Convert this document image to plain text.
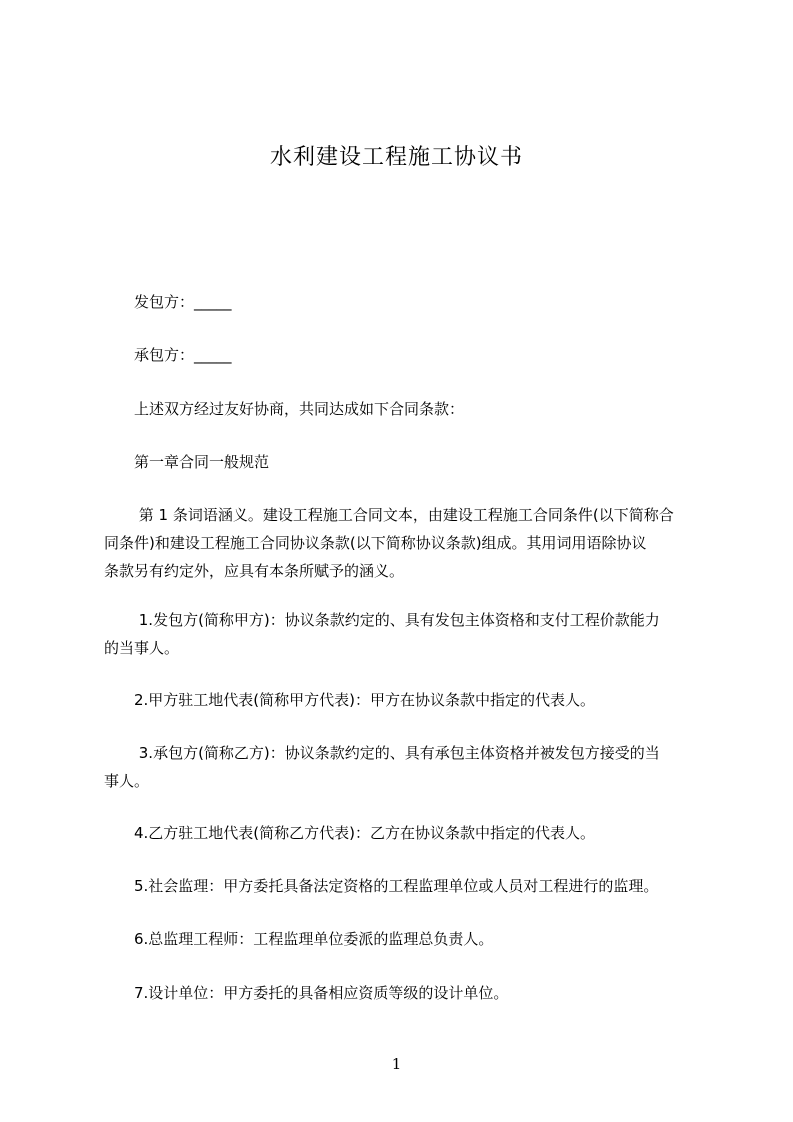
水利建设工程施工协议书
　　发包方：_____
　　承包方：_____
　　上述双方经过友好协商，共同达成如下合同条款：
　　第一章合同一般规范
　　 第 1 条词语涵义。建设工程施工合同文本，由建设工程施工合同条件(以下简称合
同条件)和建设工程施工合同协议条款(以下简称协议条款)组成。其用词用语除协议
条款另有约定外，应具有本条所赋予的涵义。
　　 1.发包方(简称甲方)：协议条款约定的、具有发包主体资格和支付工程价款能力
的当事人。
　　2.甲方驻工地代表(简称甲方代表)：甲方在协议条款中指定的代表人。
　　 3.承包方(简称乙方)：协议条款约定的、具有承包主体资格并被发包方接受的当
事人。
　　4.乙方驻工地代表(简称乙方代表)：乙方在协议条款中指定的代表人。
　　5.社会监理：甲方委托具备法定资格的工程监理单位或人员对工程进行的监理。
　　6.总监理工程师：工程监理单位委派的监理总负责人。
　　7.设计单位：甲方委托的具备相应资质等级的设计单位。
1
